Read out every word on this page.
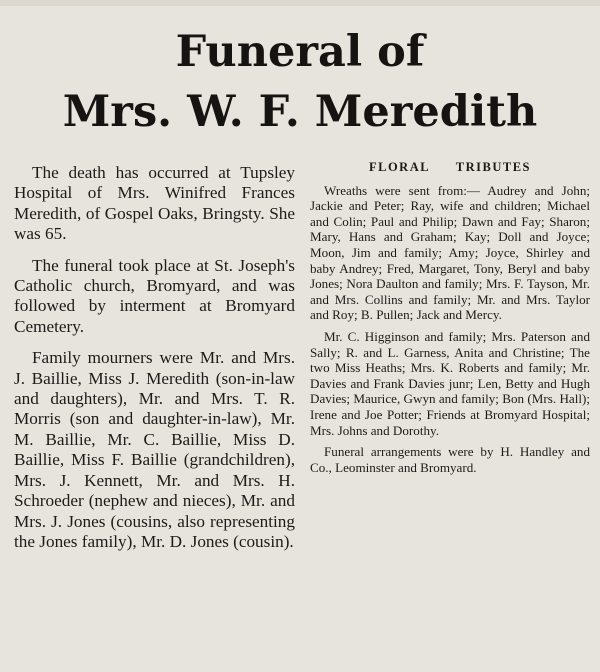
Funeral of
Mrs. W. F. Meredith

The death has occurred at Tupsley Hospital of Mrs. Winifred Frances Meredith, of Gospel Oaks, Bringsty. She was 65.

The funeral took place at St. Joseph's Catholic church, Bromyard, and was followed by interment at Bromyard Cemetery.

Family mourners were Mr. and Mrs. J. Baillie, Miss J. Meredith (son-in-law and daughters), Mr. and Mrs. T. R. Morris (son and daughter-in-law), Mr. M. Baillie, Mr. C. Baillie, Miss D. Baillie, Miss F. Baillie (grandchildren), Mrs. J. Kennett, Mr. and Mrs. H. Schroeder (nephew and nieces), Mr. and Mrs. J. Jones (cousins, also representing the Jones family), Mr. D. Jones (cousin).

FLORAL TRIBUTES

Wreaths were sent from:— Audrey and John; Jackie and Peter; Ray, wife and children; Michael and Colin; Paul and Philip; Dawn and Fay; Sharon; Mary, Hans and Graham; Kay; Doll and Joyce; Moon, Jim and family; Amy; Joyce, Shirley and baby Andrey; Fred, Margaret, Tony, Beryl and baby Jones; Nora Daulton and family; Mrs. F. Tayson, Mr. and Mrs. Collins and family; Mr. and Mrs. Taylor and Roy; B. Pullen; Jack and Mercy.

Mr. C. Higginson and family; Mrs. Paterson and Sally; R. and L. Garness, Anita and Christine; The two Miss Heaths; Mrs. K. Roberts and family; Mr. Davies and Frank Davies junr; Len, Betty and Hugh Davies; Maurice, Gwyn and family; Bon (Mrs. Hall); Irene and Joe Potter; Friends at Bromyard Hospital; Mrs. Johns and Dorothy.

Funeral arrangements were by H. Handley and Co., Leominster and Bromyard.
